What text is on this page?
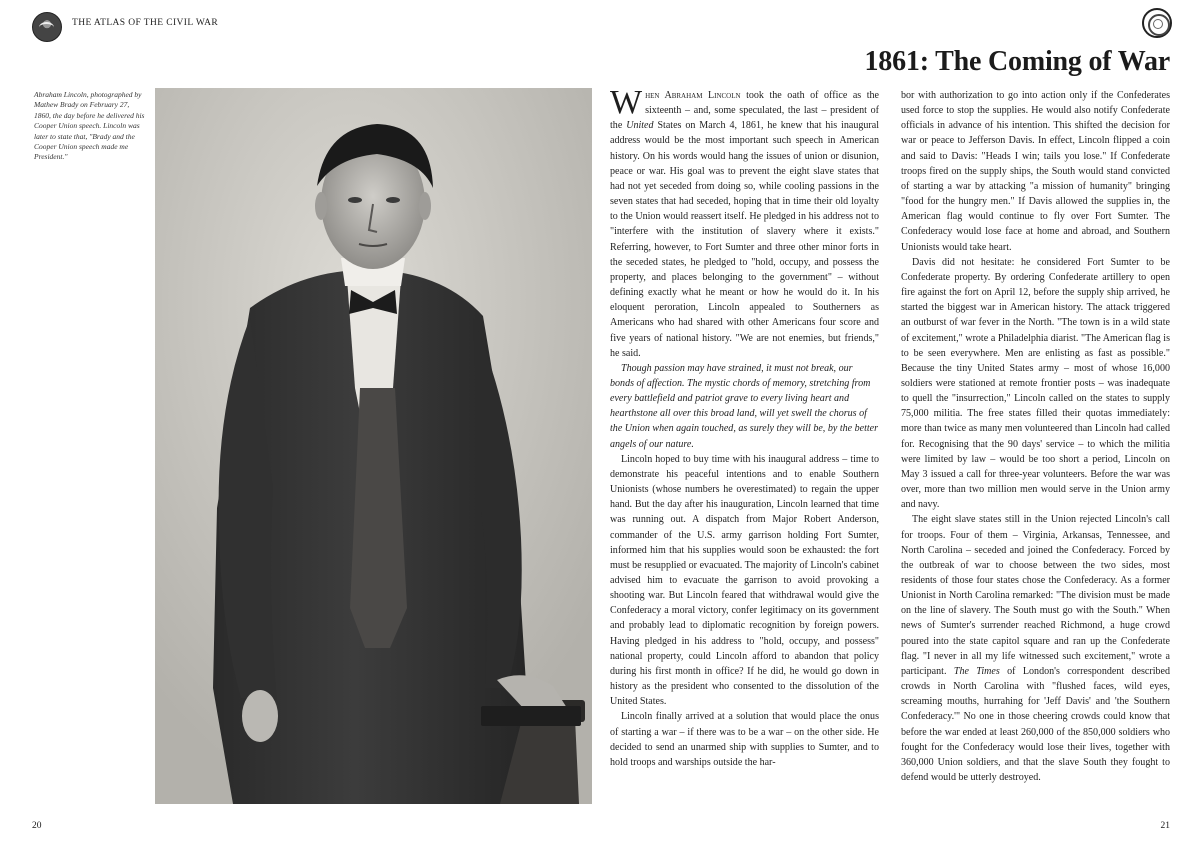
THE ATLAS OF THE CIVIL WAR
Abraham Lincoln, photographed by Mathew Brady on February 27, 1860, the day before he delivered his Cooper Union speech. Lincoln was later to state that, "Brady and the Cooper Union speech made me President."
1861: The Coming of War

When Abraham Lincoln took the oath of office as the sixteenth – and, some speculated, the last – president of the United States on March 4, 1861, he knew that his inaugural address would be the most important such speech in American history. On his words would hang the issues of union or disunion, peace or war. His goal was to prevent the eight slave states that had not yet seceded from doing so, while cooling passions in the seven states that had seceded, hoping that in time their old loyalty to the Union would reassert itself. He pledged in his address not to "interfere with the institution of slavery where it exists." Referring, however, to Fort Sumter and three other minor forts in the seceded states, he pledged to "hold, occupy, and possess the property, and places belonging to the government" – without defining exactly what he meant or how he would do it. In his eloquent peroration, Lincoln appealed to Southerners as Americans who had shared with other Americans four score and five years of national history. "We are not enemies, but friends," he said.

Though passion may have strained, it must not break, our bonds of affection. The mystic chords of memory, stretching from every battlefield and patriot grave to every living heart and hearthstone all over this broad land, will yet swell the chorus of the Union when again touched, as surely they will be, by the better angels of our nature.

Lincoln hoped to buy time with his inaugural address – time to demonstrate his peaceful intentions and to enable Southern Unionists (whose numbers he overestimated) to regain the upper hand. But the day after his inauguration, Lincoln learned that time was running out. A dispatch from Major Robert Anderson, commander of the U.S. army garrison holding Fort Sumter, informed him that his supplies would soon be exhausted: the fort must be resupplied or evacuated. The majority of Lincoln's cabinet advised him to evacuate the garrison to avoid provoking a shooting war. But Lincoln feared that withdrawal would give the Confederacy a moral victory, confer legitimacy on its government and probably lead to diplomatic recognition by foreign powers. Having pledged in his address to "hold, occupy, and possess" national property, could Lincoln afford to abandon that policy during his first month in office? If he did, he would go down in history as the president who consented to the dissolution of the United States.

Lincoln finally arrived at a solution that would place the onus of starting a war – if there was to be a war – on the other side. He decided to send an unarmed ship with supplies to Sumter, and to hold troops and warships outside the har-

bor with authorization to go into action only if the Confederates used force to stop the supplies. He would also notify Confederate officials in advance of his intention. This shifted the decision for war or peace to Jefferson Davis. In effect, Lincoln flipped a coin and said to Davis: "Heads I win; tails you lose." If Confederate troops fired on the supply ships, the South would stand convicted of starting a war by attacking "a mission of humanity" bringing "food for the hungry men." If Davis allowed the supplies in, the American flag would continue to fly over Fort Sumter. The Confederacy would lose face at home and abroad, and Southern Unionists would take heart.

Davis did not hesitate: he considered Fort Sumter to be Confederate property. By ordering Confederate artillery to open fire against the fort on April 12, before the supply ship arrived, he started the biggest war in American history. The attack triggered an outburst of war fever in the North. "The town is in a wild state of excitement," wrote a Philadelphia diarist. "The American flag is to be seen everywhere. Men are enlisting as fast as possible." Because the tiny United States army – most of whose 16,000 soldiers were stationed at remote frontier posts – was inadequate to quell the "insurrection," Lincoln called on the states to supply 75,000 militia. The free states filled their quotas immediately: more than twice as many men volunteered than Lincoln had called for. Recognising that the 90 days' service – to which the militia were limited by law – would be too short a period, Lincoln on May 3 issued a call for three-year volunteers. Before the war was over, more than two million men would serve in the Union army and navy.

The eight slave states still in the Union rejected Lincoln's call for troops. Four of them – Virginia, Arkansas, Tennessee, and North Carolina – seceded and joined the Confederacy. Forced by the outbreak of war to choose between the two sides, most residents of those four states chose the Confederacy. As a former Unionist in North Carolina remarked: "The division must be made on the line of slavery. The South must go with the South." When news of Sumter's surrender reached Richmond, a huge crowd poured into the state capitol square and ran up the Confederate flag. "I never in all my life witnessed such excitement," wrote a participant. The Times of London's correspondent described crowds in North Carolina with "flushed faces, wild eyes, screaming mouths, hurrahing for 'Jeff Davis' and 'the Southern Confederacy.'" No one in those cheering crowds could know that before the war ended at least 260,000 of the 850,000 soldiers who fought for the Confederacy would lose their lives, together with 360,000 Union soldiers, and that the slave South they fought to defend would be utterly destroyed.

20	21
